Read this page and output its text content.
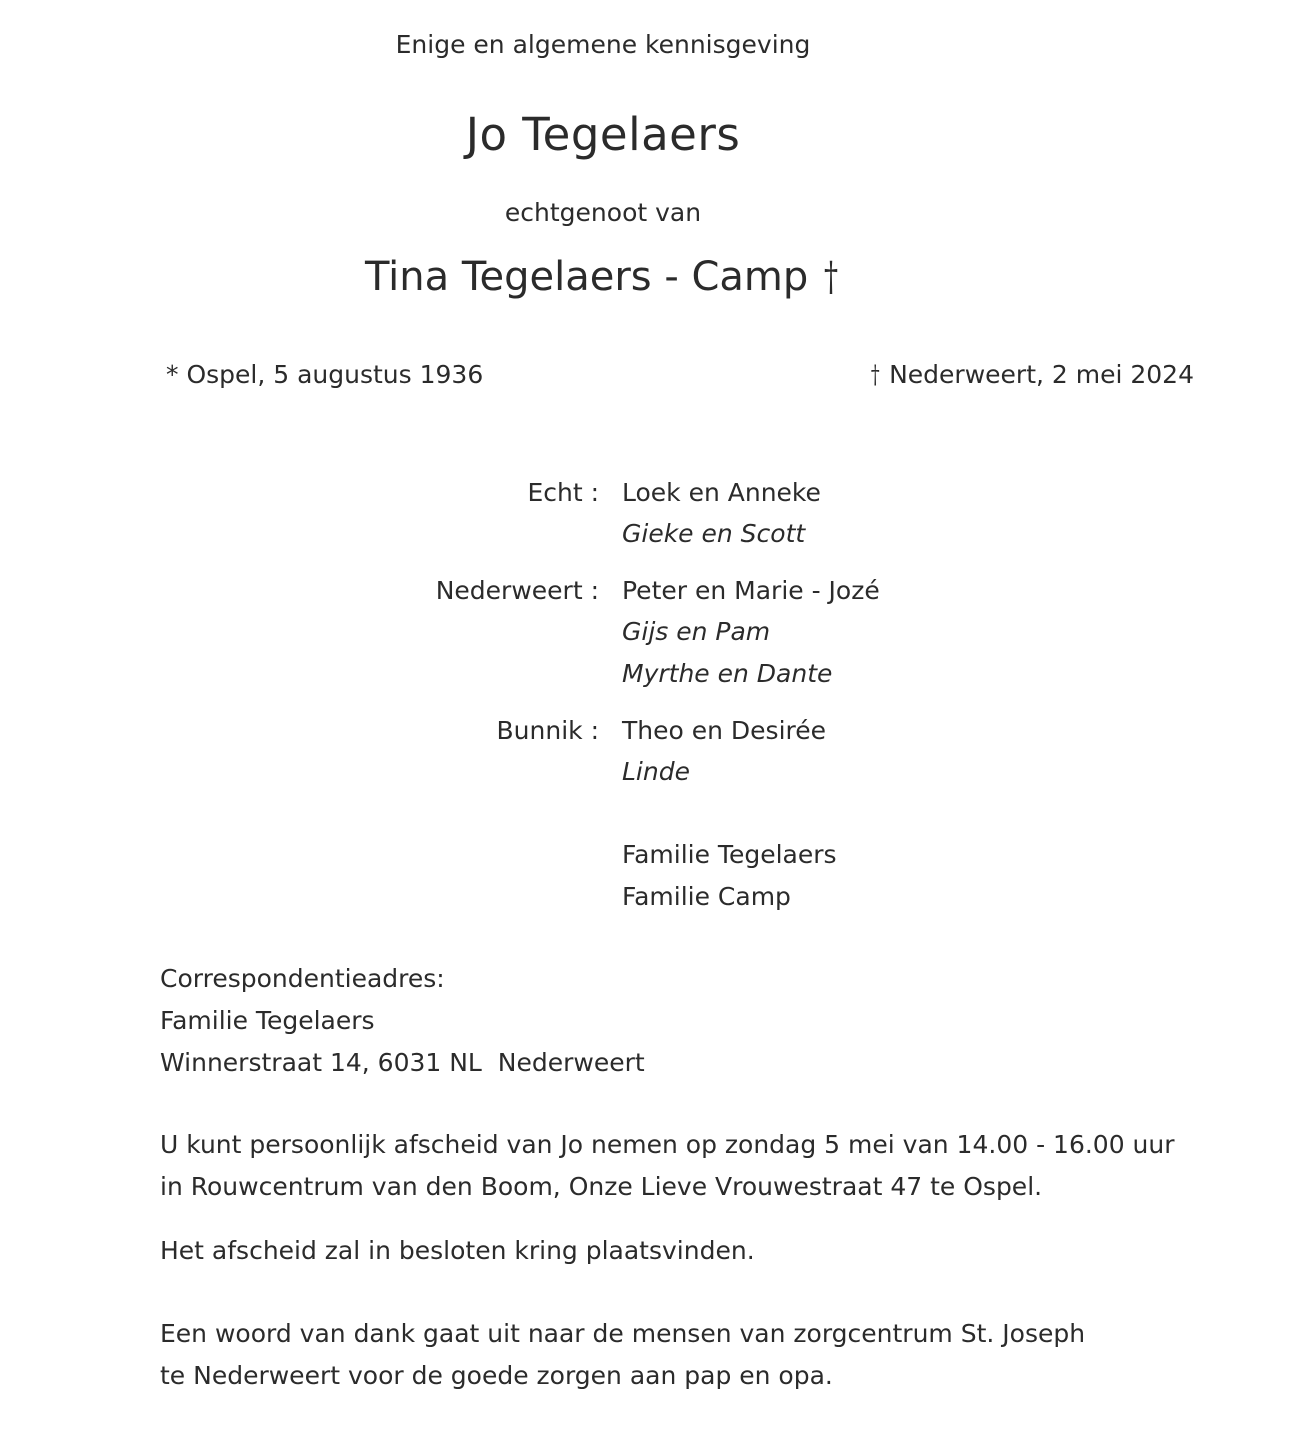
Enige en algemene kennisgeving
Jo Tegelaers
echtgenoot van
Tina Tegelaers - Camp †
* Ospel, 5 augustus 1936	† Nederweert, 2 mei 2024
Echt : Loek en Anneke
Gieke en Scott
Nederweert : Peter en Marie - Jozé
Gijs en Pam
Myrthe en Dante
Bunnik : Theo en Desirée
Linde
Familie Tegelaers
Familie Camp
Correspondentieadres:
Familie Tegelaers
Winnerstraat 14, 6031 NL  Nederweert
U kunt persoonlijk afscheid van Jo nemen op zondag 5 mei van 14.00 - 16.00 uur
in Rouwcentrum van den Boom, Onze Lieve Vrouwestraat 47 te Ospel.
Het afscheid zal in besloten kring plaatsvinden.
Een woord van dank gaat uit naar de mensen van zorgcentrum St. Joseph
te Nederweert voor de goede zorgen aan pap en opa.
